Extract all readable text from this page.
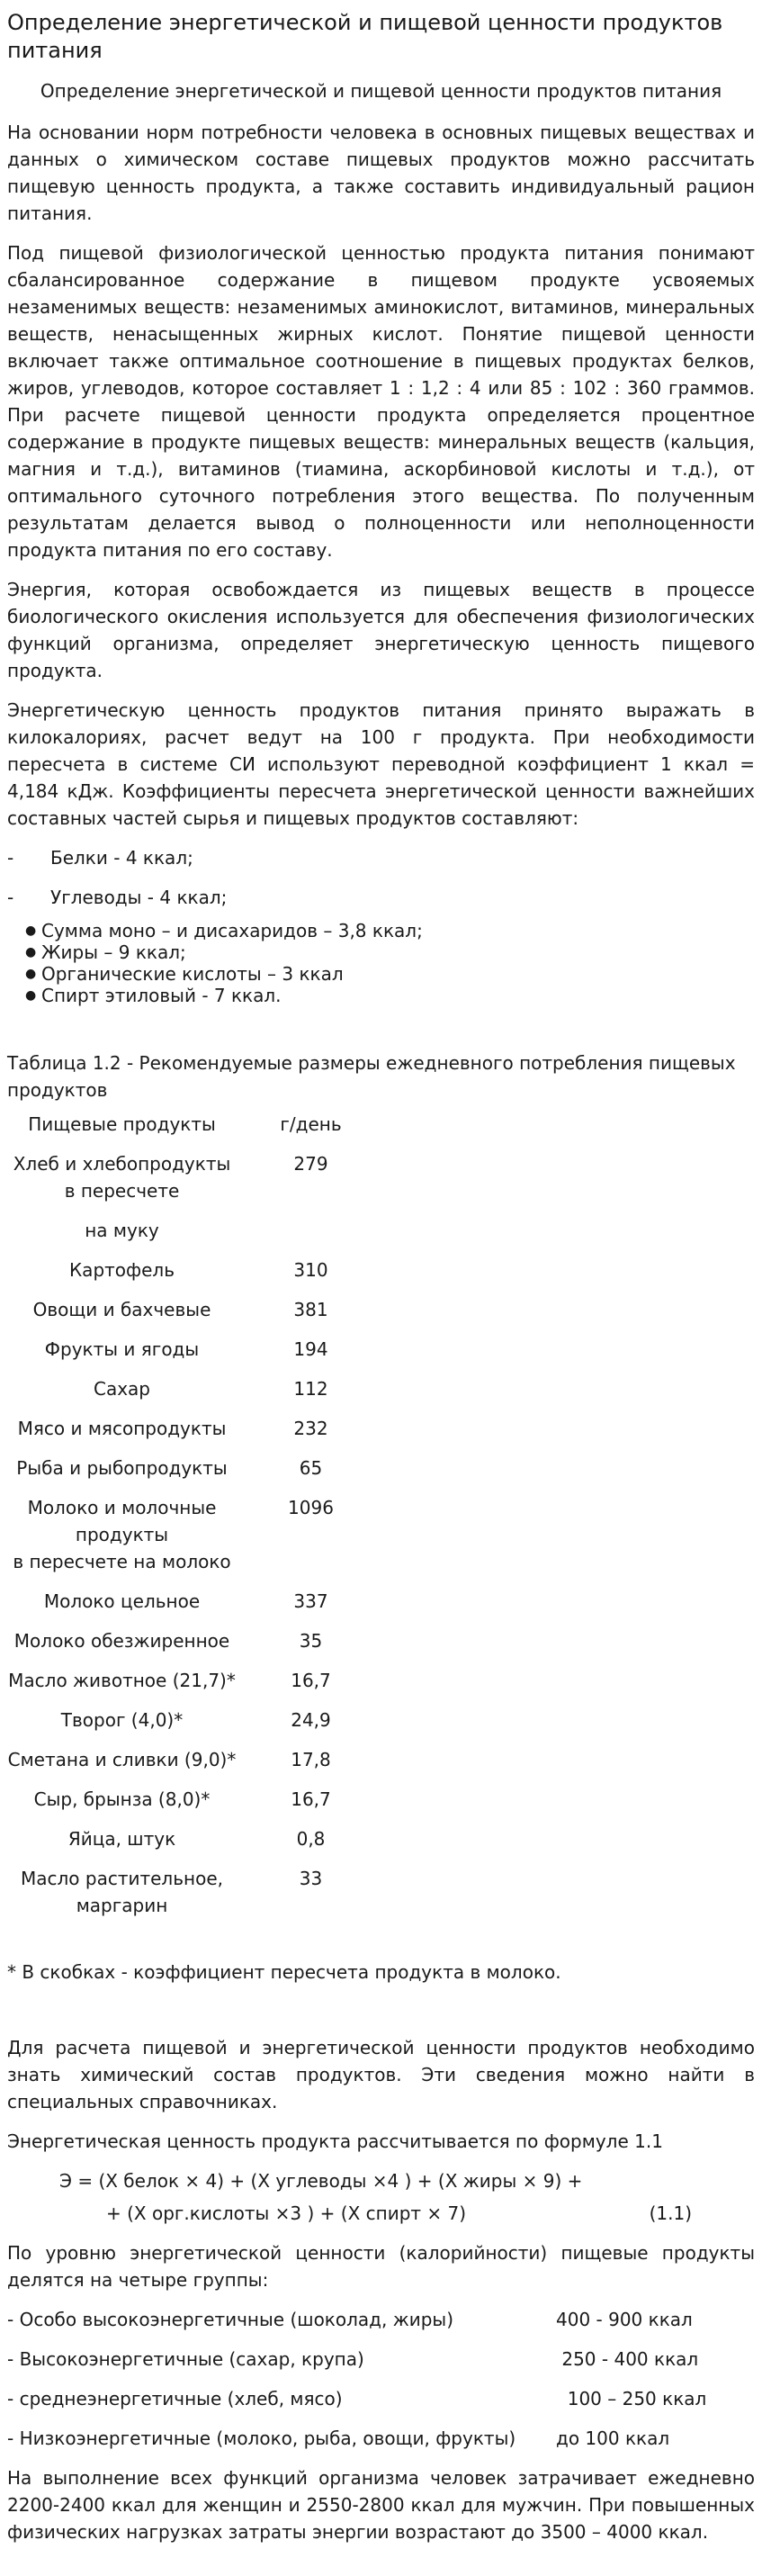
Определение энергетической и пищевой ценности продуктов питания

Определение энергетической и пищевой ценности продуктов питания

На основании норм потребности человека в основных пищевых веществах и данных о химическом составе пищевых продуктов можно рассчитать пищевую ценность продукта, а также составить индивидуальный рацион питания.

Под пищевой физиологической ценностью продукта питания понимают сбалансированное содержание в пищевом продукте усвояемых незаменимых веществ: незаменимых аминокислот, витаминов, минеральных веществ, ненасыщенных жирных кислот. Понятие пищевой ценности включает также оптимальное соотношение в пищевых продуктах белков, жиров, углеводов, которое составляет 1 : 1,2 : 4 или 85 : 102 : 360 граммов. При расчете пищевой ценности продукта определяется процентное содержание в продукте пищевых веществ: минеральных веществ (кальция, магния и т.д.), витаминов (тиамина, аскорбиновой кислоты и т.д.), от оптимального суточного потребления этого вещества. По полученным результатам делается вывод о полноценности или неполноценности продукта питания по его составу.

Энергия, которая освобождается из пищевых веществ в процессе биологического окисления используется для обеспечения физиологических функций организма, определяет энергетическую ценность пищевого продукта.

Энергетическую ценность продуктов питания принято выражать в килокалориях, расчет ведут на 100 г продукта. При необходимости пересчета в системе СИ используют переводной коэффициент 1 ккал = 4,184 кДж. Коэффициенты пересчета энергетической ценности важнейших составных частей сырья и пищевых продуктов составляют:

-	Белки - 4 ккал;
-	Углеводы - 4 ккал;
● Сумма моно – и дисахаридов – 3,8 ккал;
● Жиры – 9 ккал;
● Органические кислоты – 3 ккал
● Спирт этиловый - 7 ккал.

Таблица 1.2 - Рекомендуемые размеры ежедневного потребления пищевых продуктов

Пищевые продукты	г/день
Хлеб и хлебопродукты в пересчете	279
на муку	
Картофель	310
Овощи и бахчевые	381
Фрукты и ягоды	194
Сахар	112
Мясо и мясопродукты	232
Рыба и рыбопродукты	65
Молоко и молочные продукты
в пересчете на молоко	1096
Молоко цельное	337
Молоко обезжиренное	35
Масло животное (21,7)*	16,7
Творог (4,0)*	24,9
Сметана и сливки (9,0)*	17,8
Сыр, брынза (8,0)*	16,7
Яйца, штук	0,8
Масло растительное, маргарин	33

* В скобках - коэффициент пересчета продукта в молоко.

Для расчета пищевой и энергетической ценности продуктов необходимо знать химический состав продуктов. Эти сведения можно найти в специальных справочниках.

Энергетическая ценность продукта рассчитывается по формуле 1.1

Э = (Х белок × 4) + (Х углеводы ×4 ) + (Х жиры × 9) +
+ (Х орг.кислоты ×3 ) + (Х спирт × 7)	(1.1)

По уровню энергетической ценности (калорийности) пищевые продукты делятся на четыре группы:

- Особо высокоэнергетичные (шоколад, жиры)	400 - 900 ккал
- Высокоэнергетичные (сахар, крупа)	250 - 400 ккал
- среднеэнергетичные (хлеб, мясо)	100 – 250 ккал
- Низкоэнергетичные (молоко, рыба, овощи, фрукты)	до 100 ккал

На выполнение всех функций организма человек затрачивает ежедневно 2200-2400 ккал для женщин и 2550-2800 ккал для мужчин. При повышенных физических нагрузках затраты энергии возрастают до 3500 – 4000 ккал.
